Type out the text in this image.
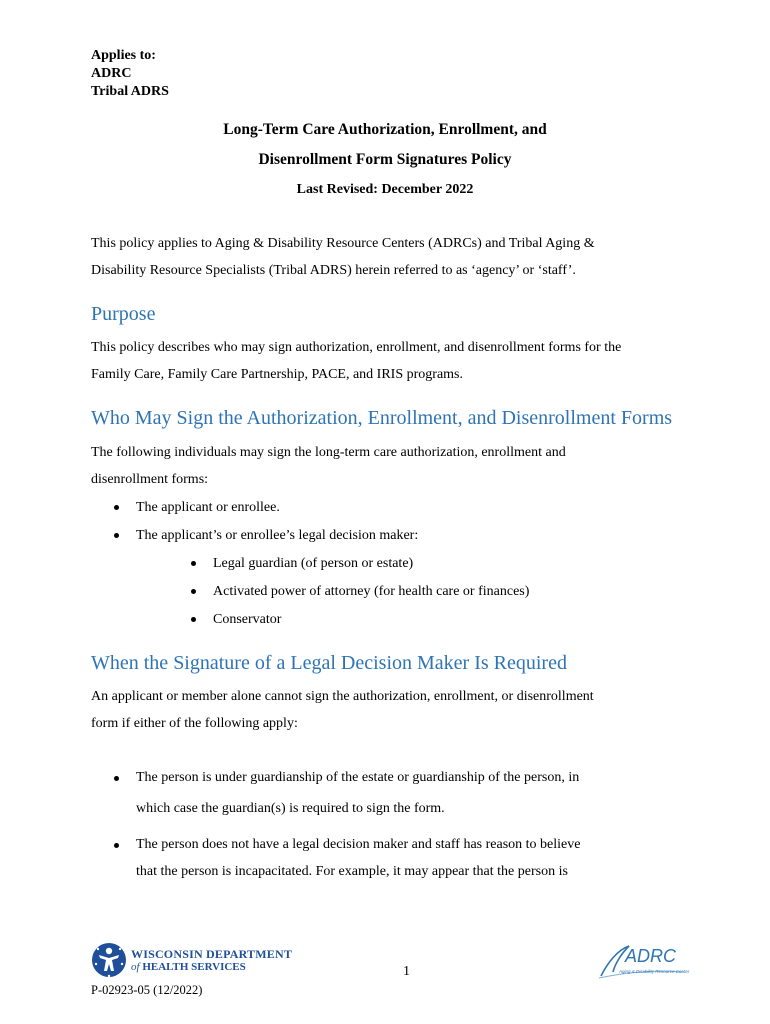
Applies to:
ADRC
Tribal ADRS
Long-Term Care Authorization, Enrollment, and
Disenrollment Form Signatures Policy
Last Revised: December 2022
This policy applies to Aging & Disability Resource Centers (ADRCs) and Tribal Aging &
Disability Resource Specialists (Tribal ADRS) herein referred to as ‘agency’ or ‘staff’.
Purpose
This policy describes who may sign authorization, enrollment, and disenrollment forms for the
Family Care, Family Care Partnership, PACE, and IRIS programs.
Who May Sign the Authorization, Enrollment, and Disenrollment Forms
The following individuals may sign the long-term care authorization, enrollment and
disenrollment forms:
The applicant or enrollee.
The applicant’s or enrollee’s legal decision maker:
Legal guardian (of person or estate)
Activated power of attorney (for health care or finances)
Conservator
When the Signature of a Legal Decision Maker Is Required
An applicant or member alone cannot sign the authorization, enrollment, or disenrollment
form if either of the following apply:
The person is under guardianship of the estate or guardianship of the person, in
which case the guardian(s) is required to sign the form.
The person does not have a legal decision maker and staff has reason to believe
that the person is incapacitated. For example, it may appear that the person is
WISCONSIN DEPARTMENT
of HEALTH SERVICES	1
P-02923-05 (12/2022)
ADRC
Aging & Disability Resource Center
